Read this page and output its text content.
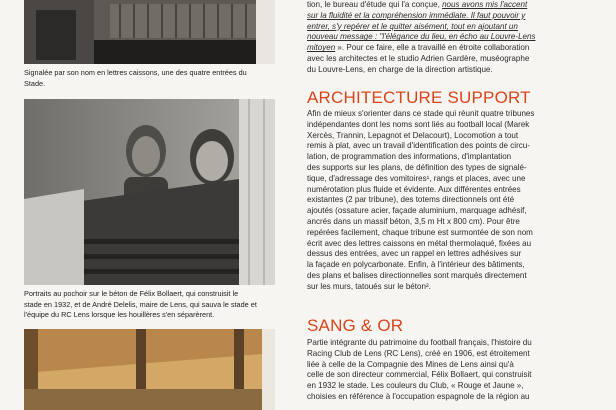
Signalée par son nom en lettres caissons, une des quatre entrées du
Stade.
Portraits au pochoir sur le béton de Félix Bollaert, qui construisit le
stade en 1932, et de André Delelis, maire de Lens, qui sauva le stade et
l'équipe du RC Lens lorsque les houillères s'en séparèrent.
tion, le bureau d'étude qui l'a conçue, nous avons mis l'accent
sur la fluidité et la compréhension immédiate. Il faut pouvoir y
entrer, s'y repérer et le quitter aisément, tout en ajoutant un
nouveau message : "l'élégance du lieu, en écho au Louvre-Lens
mitoyen ». Pour ce faire, elle a travaillé en étroite collaboration
avec les architectes et le studio Adrien Gardère, muséographe
du Louvre-Lens, en charge de la direction artistique.
ARCHITECTURE SUPPORT
Afin de mieux s'orienter dans ce stade qui réunit quatre tribunes
indépendantes dont les noms sont liés au football local (Marek
Xercès, Trannin, Lepagnot et Delacourt), Locomotion a tout
remis à plat, avec un travail d'identification des points de circu-
lation, de programmation des informations, d'implantation
des supports sur les plans, de définition des types de signalé-
tique, d'adressage des vomitoires¹, rangs et places, avec une
numérotation plus fluide et évidente. Aux différentes entrées
existantes (2 par tribune), des totems directionnels ont été
ajoutés (ossature acier, façade aluminium, marquage adhésif,
ancrés dans un massif béton, 3,5 m Ht x 800 cm). Pour être
repérées facilement, chaque tribune est surmontée de son nom
écrit avec des lettres caissons en métal thermolaqué, fixées au
dessus des entrées, avec un rappel en lettres adhésives sur
la façade en polycarbonate. Enfin, à l'intérieur des bâtiments,
des plans et balises directionnelles sont marqués directement
sur les murs, tatoués sur le béton².
SANG & OR
Partie intégrante du patrimoine du football français, l'histoire du
Racing Club de Lens (RC Lens), créé en 1906, est étroitement
liée à celle de la Compagnie des Mines de Lens ainsi qu'à
celle de son directeur commercial, Félix Bollaert, qui construisit
en 1932 le stade. Les couleurs du Club, « Rouge et Jaune »,
choisies en référence à l'occupation espagnole de la région au
